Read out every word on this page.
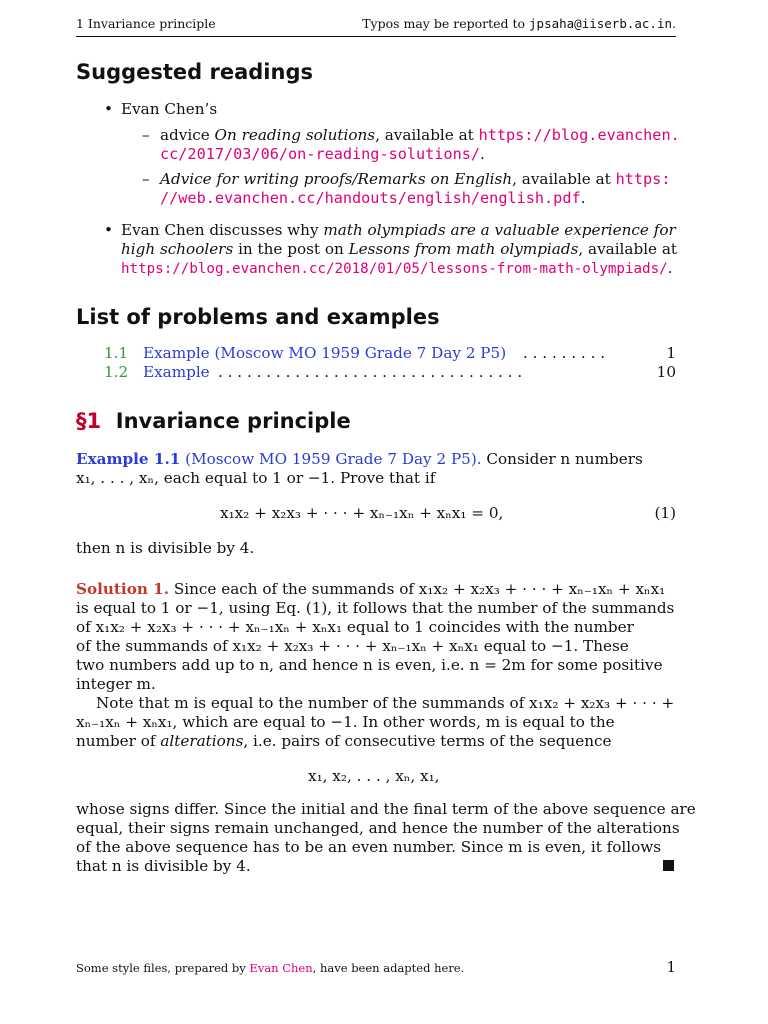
1 Invariance principle	Typos may be reported to jpsaha@iiserb.ac.in.
Suggested readings
• Evan Chen’s
– advice On reading solutions, available at https://blog.evanchen.
cc/2017/03/06/on-reading-solutions/.
– Advice for writing proofs/Remarks on English, available at https:
//web.evanchen.cc/handouts/english/english.pdf.
• Evan Chen discusses why math olympiads are a valuable experience for
high schoolers in the post on Lessons from math olympiads, available at
https://blog.evanchen.cc/2018/01/05/lessons-from-math-olympiads/.
List of problems and examples
1.1 Example (Moscow MO 1959 Grade 7 Day 2 P5) . . . . . . . . .	1
1.2 Example . . . . . . . . . . . . . . . . . . . . . . . . . . . . . . . .	10
§1 Invariance principle
Example 1.1 (Moscow MO 1959 Grade 7 Day 2 P5). Consider n numbers
x₁, . . . , xₙ, each equal to 1 or −1. Prove that if
x₁x₂ + x₂x₃ + · · · + xₙ₋₁xₙ + xₙx₁ = 0,	(1)
then n is divisible by 4.
Solution 1. Since each of the summands of x₁x₂ + x₂x₃ + · · · + xₙ₋₁xₙ + xₙx₁
is equal to 1 or −1, using Eq. (1), it follows that the number of the summands
of x₁x₂ + x₂x₃ + · · · + xₙ₋₁xₙ + xₙx₁ equal to 1 coincides with the number
of the summands of x₁x₂ + x₂x₃ + · · · + xₙ₋₁xₙ + xₙx₁ equal to −1. These
two numbers add up to n, and hence n is even, i.e. n = 2m for some positive
integer m.
Note that m is equal to the number of the summands of x₁x₂ + x₂x₃ + · · · +
xₙ₋₁xₙ + xₙx₁, which are equal to −1. In other words, m is equal to the
number of alterations, i.e. pairs of consecutive terms of the sequence
x₁, x₂, . . . , xₙ, x₁,
whose signs differ. Since the initial and the final term of the above sequence are
equal, their signs remain unchanged, and hence the number of the alterations
of the above sequence has to be an even number. Since m is even, it follows
that n is divisible by 4.
Some style files, prepared by Evan Chen, have been adapted here.	1
